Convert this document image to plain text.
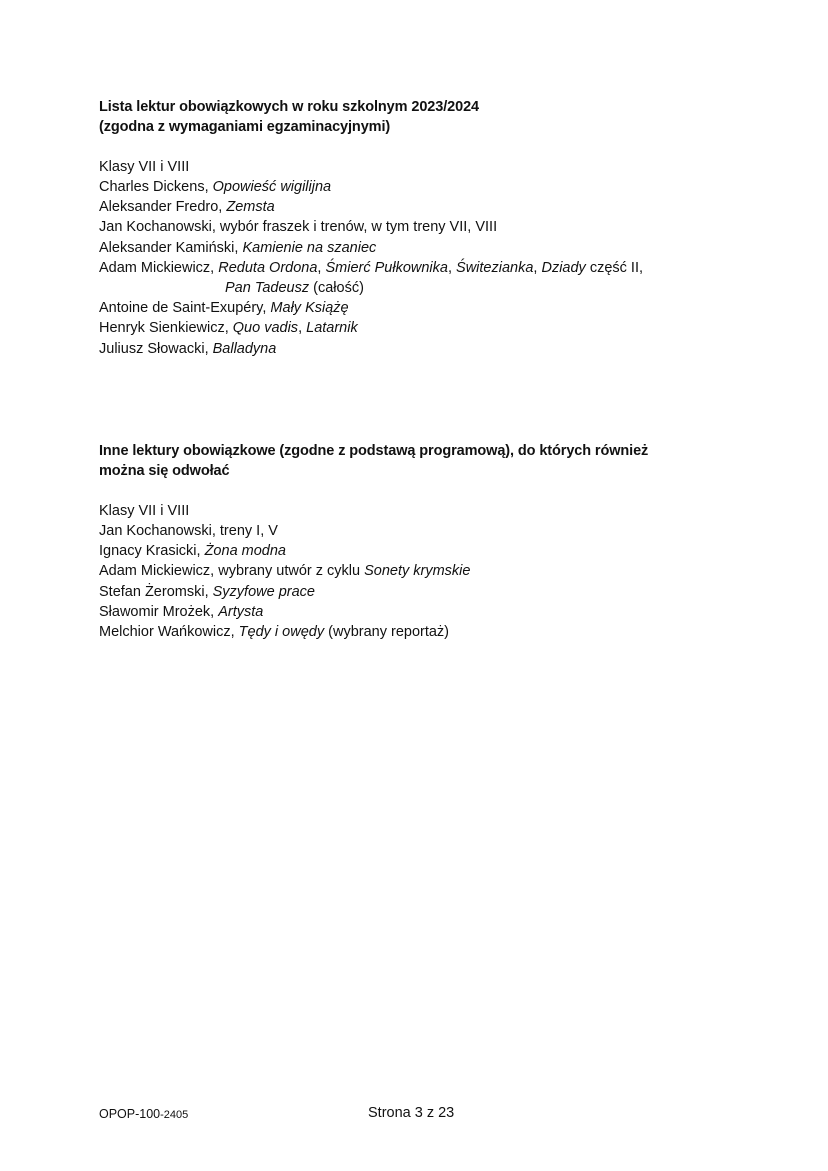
Lista lektur obowiązkowych w roku szkolnym 2023/2024
(zgodna z wymaganiami egzaminacyjnymi)

Klasy VII i VIII

Charles Dickens, Opowieść wigilijna
Aleksander Fredro, Zemsta
Jan Kochanowski, wybór fraszek i trenów, w tym treny VII, VIII
Aleksander Kamiński, Kamienie na szaniec
Adam Mickiewicz, Reduta Ordona, Śmierć Pułkownika, Świtezianka, Dziady część II,
Pan Tadeusz (całość)
Antoine de Saint-Exupéry, Mały Książę
Henryk Sienkiewicz, Quo vadis, Latarnik
Juliusz Słowacki, Balladyna

Inne lektury obowiązkowe (zgodne z podstawą programową), do których również
można się odwołać

Klasy VII i VIII

Jan Kochanowski, treny I, V
Ignacy Krasicki, Żona modna
Adam Mickiewicz, wybrany utwór z cyklu Sonety krymskie
Stefan Żeromski, Syzyfowe prace
Sławomir Mrożek, Artysta
Melchior Wańkowicz, Tędy i owędy (wybrany reportaż)
OPOP-100-2405	Strona 3 z 23
